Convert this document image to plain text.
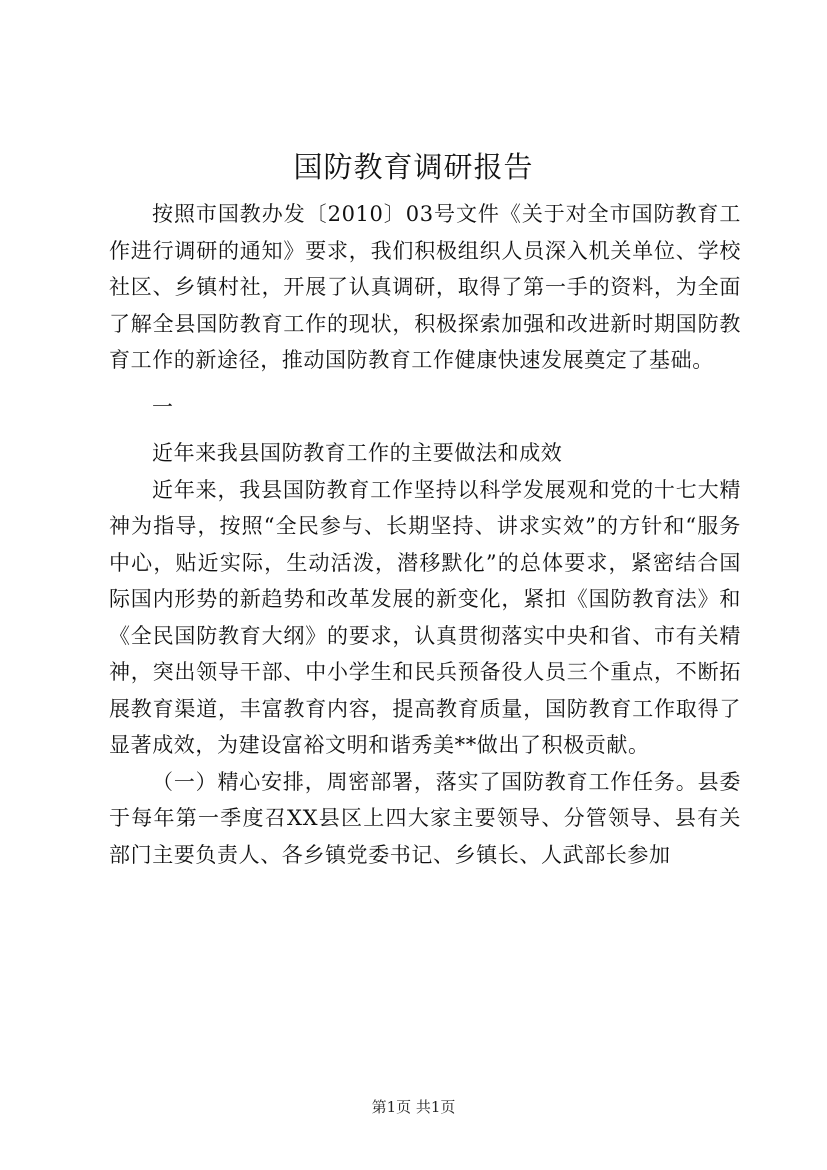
国防教育调研报告

按照市国教办发〔2010〕03号文件《关于对全市国防教育工作进行调研的通知》要求，我们积极组织人员深入机关单位、学校社区、乡镇村社，开展了认真调研，取得了第一手的资料，为全面了解全县国防教育工作的现状，积极探索加强和改进新时期国防教育工作的新途径，推动国防教育工作健康快速发展奠定了基础。

一

近年来我县国防教育工作的主要做法和成效

近年来，我县国防教育工作坚持以科学发展观和党的十七大精神为指导，按照“全民参与、长期坚持、讲求实效”的方针和“服务中心，贴近实际，生动活泼，潜移默化”的总体要求，紧密结合国际国内形势的新趋势和改革发展的新变化，紧扣《国防教育法》和《全民国防教育大纲》的要求，认真贯彻落实中央和省、市有关精神，突出领导干部、中小学生和民兵预备役人员三个重点，不断拓展教育渠道，丰富教育内容，提高教育质量，国防教育工作取得了显著成效，为建设富裕文明和谐秀美**做出了积极贡献。

（一）精心安排，周密部署，落实了国防教育工作任务。县委于每年第一季度召XX县区上四大家主要领导、分管领导、县有关部门主要负责人、各乡镇党委书记、乡镇长、人武部长参加

第1页 共1页
